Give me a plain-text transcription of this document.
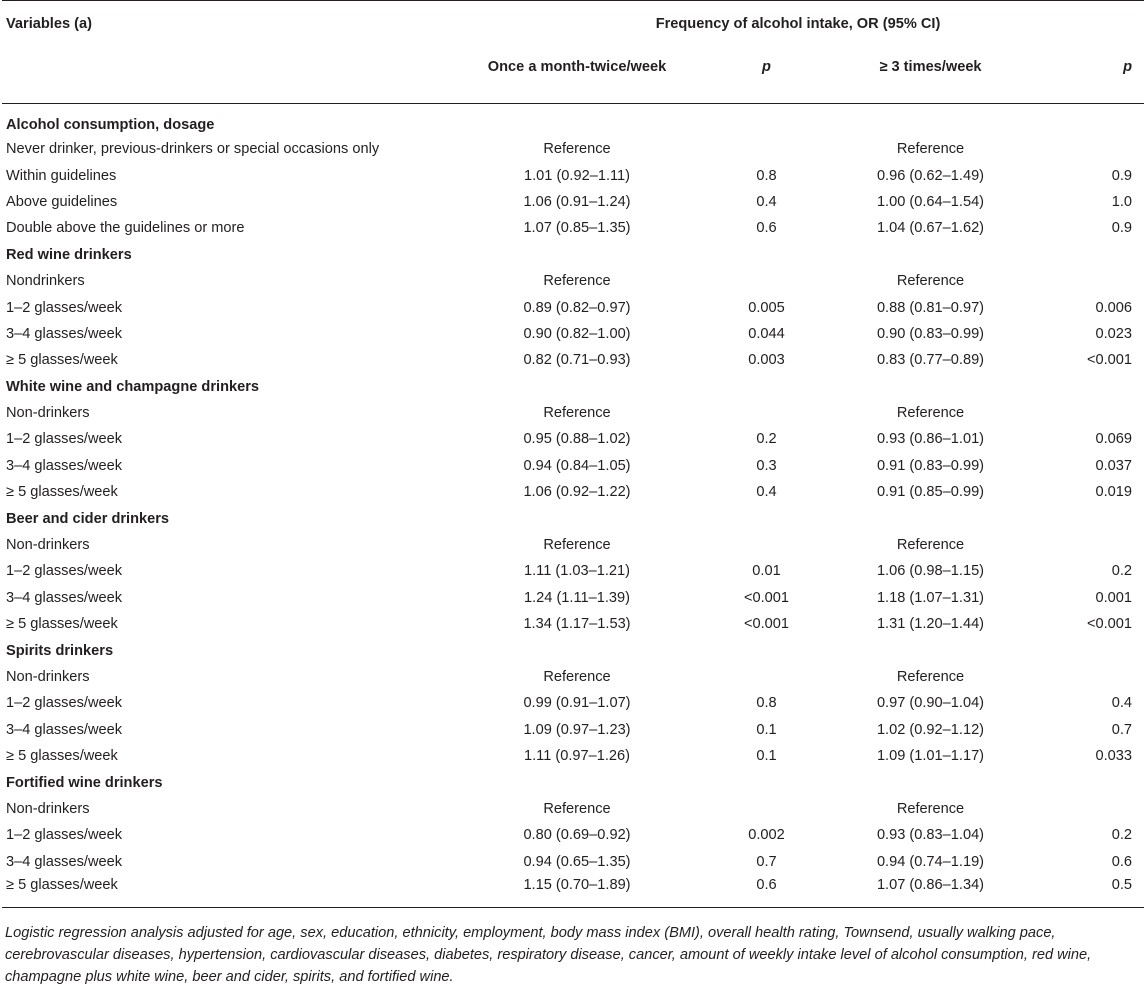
Variables (a)	Frequency of alcohol intake, OR (95% CI)			
	Once a month-twice/week	p	≥ 3 times/week	p
Alcohol consumption, dosage				
Never drinker, previous-drinkers or special occasions only	Reference		Reference	
Within guidelines	1.01 (0.92–1.11)	0.8	0.96 (0.62–1.49)	0.9
Above guidelines	1.06 (0.91–1.24)	0.4	1.00 (0.64–1.54)	1.0
Double above the guidelines or more	1.07 (0.85–1.35)	0.6	1.04 (0.67–1.62)	0.9
Red wine drinkers				
Nondrinkers	Reference		Reference	
1–2 glasses/week	0.89 (0.82–0.97)	0.005	0.88 (0.81–0.97)	0.006
3–4 glasses/week	0.90 (0.82–1.00)	0.044	0.90 (0.83–0.99)	0.023
≥ 5 glasses/week	0.82 (0.71–0.93)	0.003	0.83 (0.77–0.89)	<0.001
White wine and champagne drinkers				
Non-drinkers	Reference		Reference	
1–2 glasses/week	0.95 (0.88–1.02)	0.2	0.93 (0.86–1.01)	0.069
3–4 glasses/week	0.94 (0.84–1.05)	0.3	0.91 (0.83–0.99)	0.037
≥ 5 glasses/week	1.06 (0.92–1.22)	0.4	0.91 (0.85–0.99)	0.019
Beer and cider drinkers				
Non-drinkers	Reference		Reference	
1–2 glasses/week	1.11 (1.03–1.21)	0.01	1.06 (0.98–1.15)	0.2
3–4 glasses/week	1.24 (1.11–1.39)	<0.001	1.18 (1.07–1.31)	0.001
≥ 5 glasses/week	1.34 (1.17–1.53)	<0.001	1.31 (1.20–1.44)	<0.001
Spirits drinkers				
Non-drinkers	Reference		Reference	
1–2 glasses/week	0.99 (0.91–1.07)	0.8	0.97 (0.90–1.04)	0.4
3–4 glasses/week	1.09 (0.97–1.23)	0.1	1.02 (0.92–1.12)	0.7
≥ 5 glasses/week	1.11 (0.97–1.26)	0.1	1.09 (1.01–1.17)	0.033
Fortified wine drinkers				
Non-drinkers	Reference		Reference	
1–2 glasses/week	0.80 (0.69–0.92)	0.002	0.93 (0.83–1.04)	0.2
3–4 glasses/week	0.94 (0.65–1.35)	0.7	0.94 (0.74–1.19)	0.6
≥ 5 glasses/week	1.15 (0.70–1.89)	0.6	1.07 (0.86–1.34)	0.5
Logistic regression analysis adjusted for age, sex, education, ethnicity, employment, body mass index (BMI), overall health rating, Townsend, usually walking pace, cerebrovascular diseases, hypertension, cardiovascular diseases, diabetes, respiratory disease, cancer, amount of weekly intake level of alcohol consumption, red wine, champagne plus white wine, beer and cider, spirits, and fortified wine.
